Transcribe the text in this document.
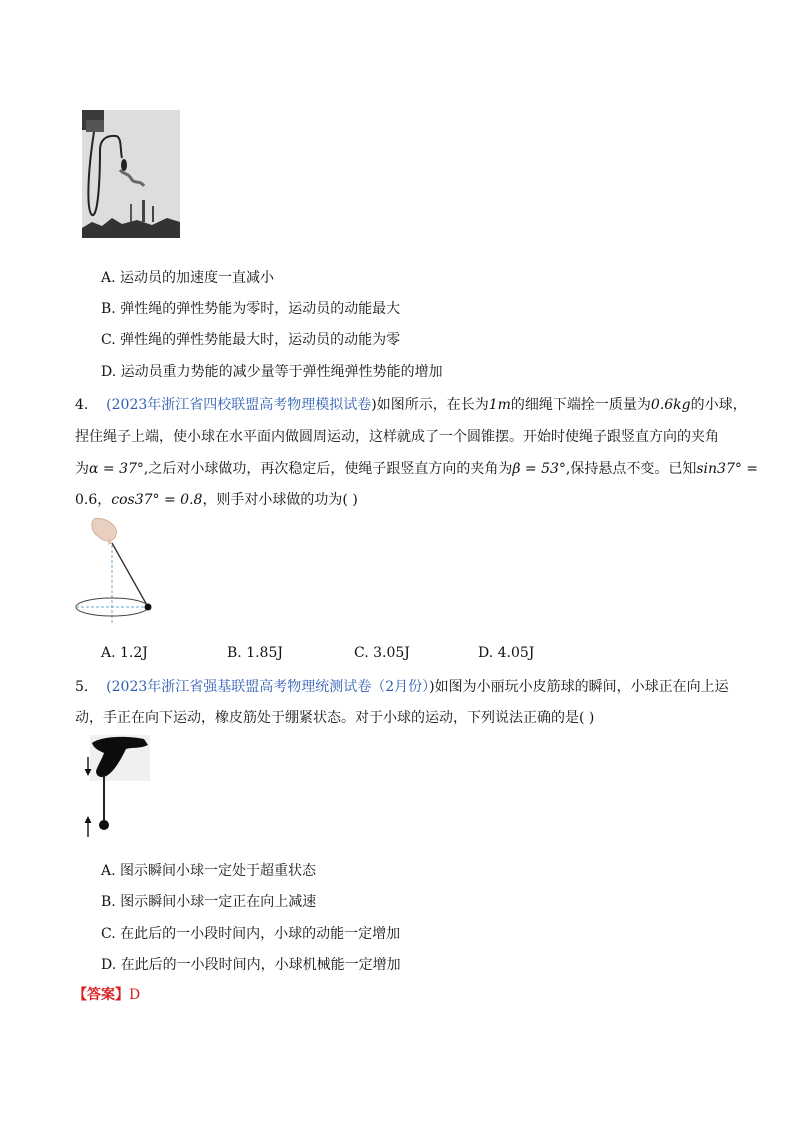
A. 运动员的加速度一直减小
B. 弹性绳的弹性势能为零时，运动员的动能最大
C. 弹性绳的弹性势能最大时，运动员的动能为零
D. 运动员重力势能的减少量等于弹性绳弹性势能的增加
4. (2023年浙江省四校联盟高考物理模拟试卷)如图所示，在长为1m的细绳下端拴一质量为0.6kg的小球，
捏住绳子上端，使小球在水平面内做圆周运动，这样就成了一个圆锥摆。开始时使绳子跟竖直方向的夹角
为α = 37°,之后对小球做功，再次稳定后，使绳子跟竖直方向的夹角为β = 53°,保持悬点不变。已知sin37° =
0.6，cos37° = 0.8，则手对小球做的功为( )
A. 1.2J	B. 1.85J	C. 3.05J	D. 4.05J
5. (2023年浙江省强基联盟高考物理统测试卷（2月份）)如图为小丽玩小皮筋球的瞬间，小球正在向上运
动，手正在向下运动，橡皮筋处于绷紧状态。对于小球的运动，下列说法正确的是( )
A. 图示瞬间小球一定处于超重状态
B. 图示瞬间小球一定正在向上减速
C. 在此后的一小段时间内，小球的动能一定增加
D. 在此后的一小段时间内，小球机械能一定增加
【答案】D
